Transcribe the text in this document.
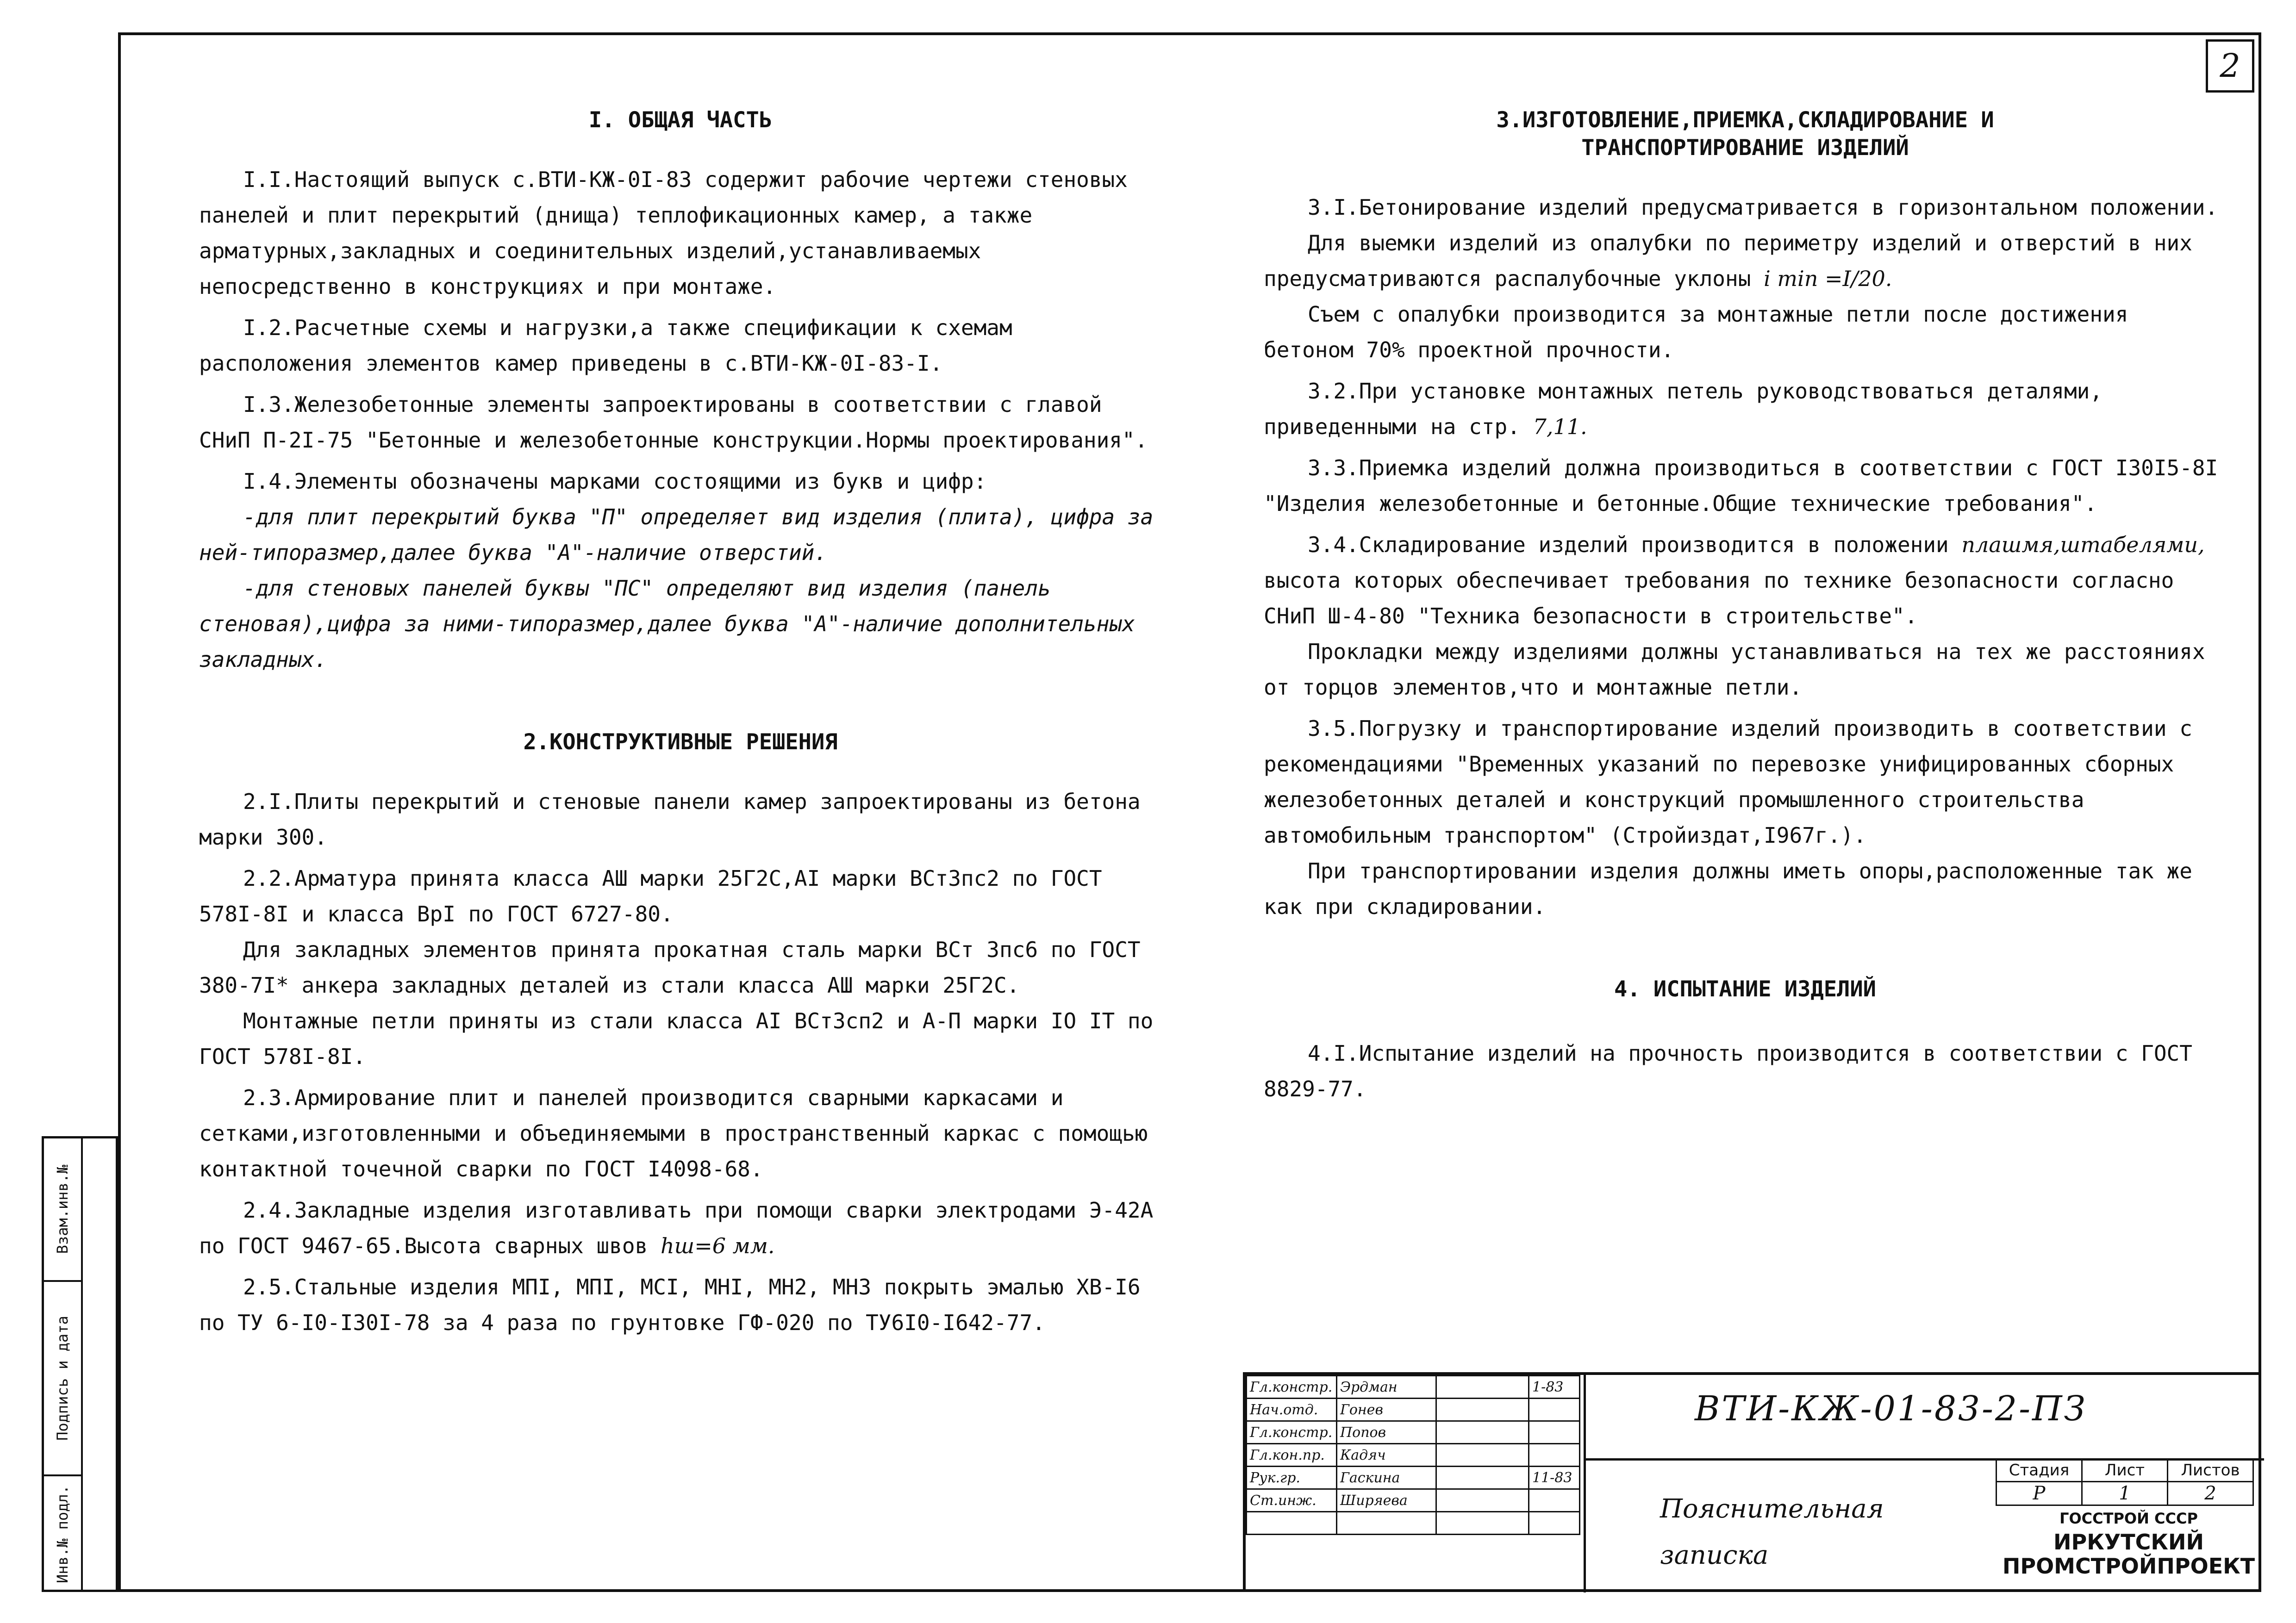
2
I. ОБЩАЯ ЧАСТЬ

I.I.Настоящий выпуск с.ВТИ-КЖ-0I-83 содержит рабочие чертежи стеновых панелей и плит перекрытий (днища) теплофикационных камер, а также арматурных,закладных и соединительных изделий,устанавливаемых непосредственно в конструкциях и при монтаже.

I.2.Расчетные схемы и нагрузки,а также спецификации к схемам расположения элементов камер приведены в с.ВТИ-КЖ-0I-83-I.

I.3.Железобетонные элементы запроектированы в соответствии с главой СНиП П-2I-75 "Бетонные и железобетонные конструкции.Нормы проектирования".

I.4.Элементы обозначены марками состоящими из букв и цифр:

-для плит перекрытий буква "П" определяет вид изделия (плита), цифра за ней-типоразмер,далее буква "А"-наличие отверстий.

-для стеновых панелей буквы "ПС" определяют вид изделия (панель стеновая),цифра за ними-типоразмер,далее буква "А"-наличие дополнительных закладных.

2.КОНСТРУКТИВНЫЕ РЕШЕНИЯ

2.I.Плиты перекрытий и стеновые панели камер запроектированы из бетона марки 300.

2.2.Арматура принята класса АШ марки 25Г2С,АI марки ВСт3пс2 по ГОСТ 578I-8I и класса ВрI по ГОСТ 6727-80.

Для закладных элементов принята прокатная сталь марки ВСт 3пс6 по ГОСТ 380-7I* анкера закладных деталей из стали класса АШ марки 25Г2С.

Монтажные петли приняты из стали класса АI ВСт3сп2 и А-П марки IO IT по ГОСТ 578I-8I.

2.3.Армирование плит и панелей производится сварными каркасами и сетками,изготовленными и объединяемыми в пространственный каркас с помощью контактной точечной сварки по ГОСТ I4098-68.

2.4.Закладные изделия изготавливать при помощи сварки электродами Э-42А по ГОСТ 9467-65.Высота сварных швов hш=6 мм.

2.5.Стальные изделия МПI, МПI, МСI, МНI, МН2, МН3 покрыть эмалью ХВ-I6 по ТУ 6-I0-I30I-78 за 4 раза по грунтовке ГФ-020 по ТУ6I0-I642-77.

3.ИЗГОТОВЛЕНИЕ,ПРИЕМКА,СКЛАДИРОВАНИЕ И
ТРАНСПОРТИРОВАНИЕ ИЗДЕЛИЙ

3.I.Бетонирование изделий предусматривается в горизонтальном положении.

Для выемки изделий из опалубки по периметру изделий и отверстий в них предусматриваются распалубочные уклоны i min =I/20.

Съем с опалубки производится за монтажные петли после достижения бетоном 70% проектной прочности.

3.2.При установке монтажных петель руководствоваться деталями, приведенными на стр. 7,11.

3.3.Приемка изделий должна производиться в соответствии с ГОСТ I30I5-8I "Изделия железобетонные и бетонные.Общие технические требования".

3.4.Складирование изделий производится в положении плашмя,штабелями, высота которых обеспечивает требования по технике безопасности согласно СНиП Ш-4-80 "Техника безопасности в строительстве".

Прокладки между изделиями должны устанавливаться на тех же расстояниях от торцов элементов,что и монтажные петли.

3.5.Погрузку и транспортирование изделий производить в соответствии с рекомендациями "Временных указаний по перевозке унифицированных сборных железобетонных деталей и конструкций промышленного строительства автомобильным транспортом" (Стройиздат,I967г.).

При транспортировании изделия должны иметь опоры,расположенные так же как при складировании.

4. ИСПЫТАНИЕ ИЗДЕЛИЙ

4.I.Испытание изделий на прочность производится в соответствии с ГОСТ 8829-77.

Взам.инв.№
Подпись и дата
Инв.№ подл.
Гл.констр.	Эрдман		1-83
Нач.отд.	Гонев		
Гл.констр.	Попов		
Гл.кон.пр.	Кадяч		
Рук.гр.	Гаскина		11-83
Ст.инж.	Ширяева		

ВТИ-КЖ-01-83-2-ПЗ
Пояснительная
записка
Стадия	Лист	Листов
Р	1	2
ГОССТРОЙ СССР
ИРКУТСКИЙ
ПРОМСТРОЙПРОЕКТ
